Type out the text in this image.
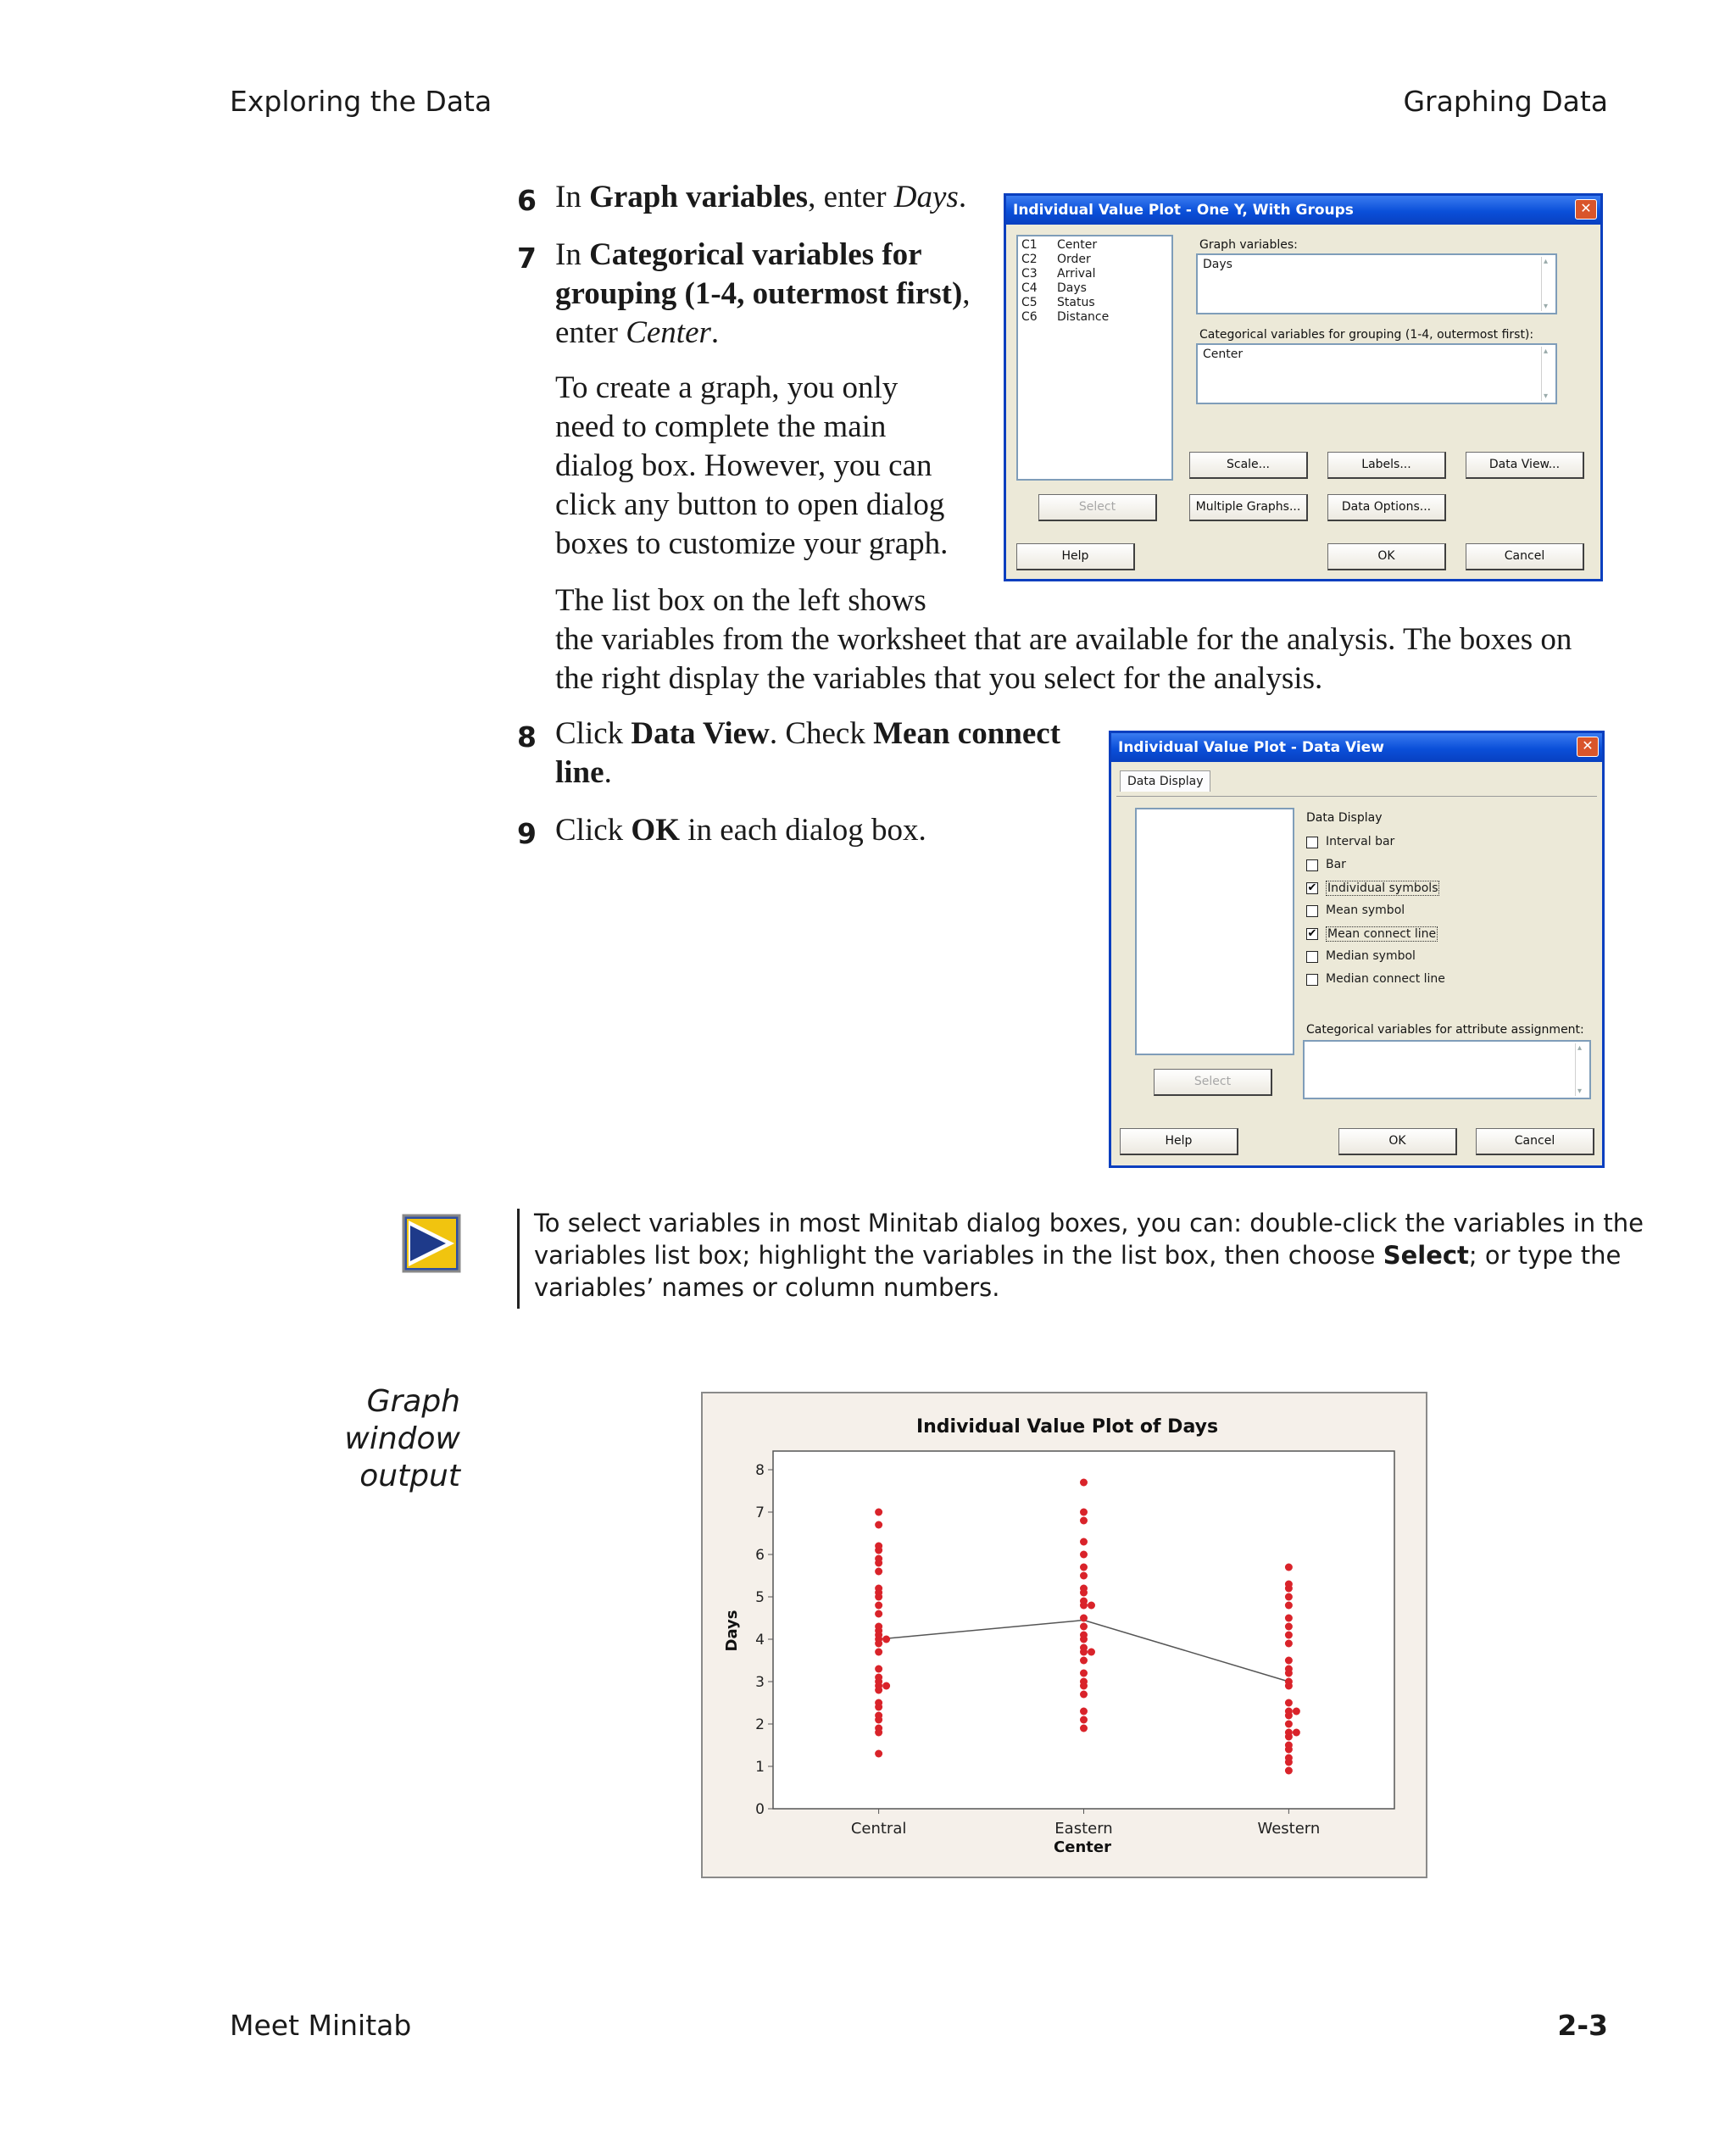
Exploring the Data	Graphing Data
6 In Graph variables, enter Days.
7 In Categorical variables for
grouping (1-4, outermost first),
enter Center.
To create a graph, you only
need to complete the main
dialog box. However, you can
click any button to open dialog
boxes to customize your graph.
The list box on the left shows
the variables from the worksheet that are available for the analysis. The boxes on
the right display the variables that you select for the analysis.
Individual Value Plot - One Y, With Groups	✕
C1	Center
C2	Order
C3	Arrival
C4	Days
C5	Status
C6	Distance
Graph variables:
Days
▴ ▾
Categorical variables for grouping (1-4, outermost first):
Center
▴ ▾
Scale...	Labels...	Data View...
Select	Multiple Graphs...	Data Options...
Help	OK	Cancel
8 Click Data View. Check Mean connect
line.
9 Click OK in each dialog box.
Individual Value Plot - Data View	✕
Data Display
Data Display
Interval bar
Bar
✔ Individual symbols
Mean symbol
✔ Mean connect line
Median symbol
Median connect line
Categorical variables for attribute assignment:
▴ ▾
Select
Help	OK	Cancel
To select variables in most Minitab dialog boxes, you can: double-click the variables in the
variables list box; highlight the variables in the list box, then choose Select; or type the
variables’ names or column numbers.
Graph
window
output
Individual Value Plot of Days
0
1
2
3
4
5
6
7
8
Central	Eastern	Western
Center
Days
Meet Minitab	2-3
